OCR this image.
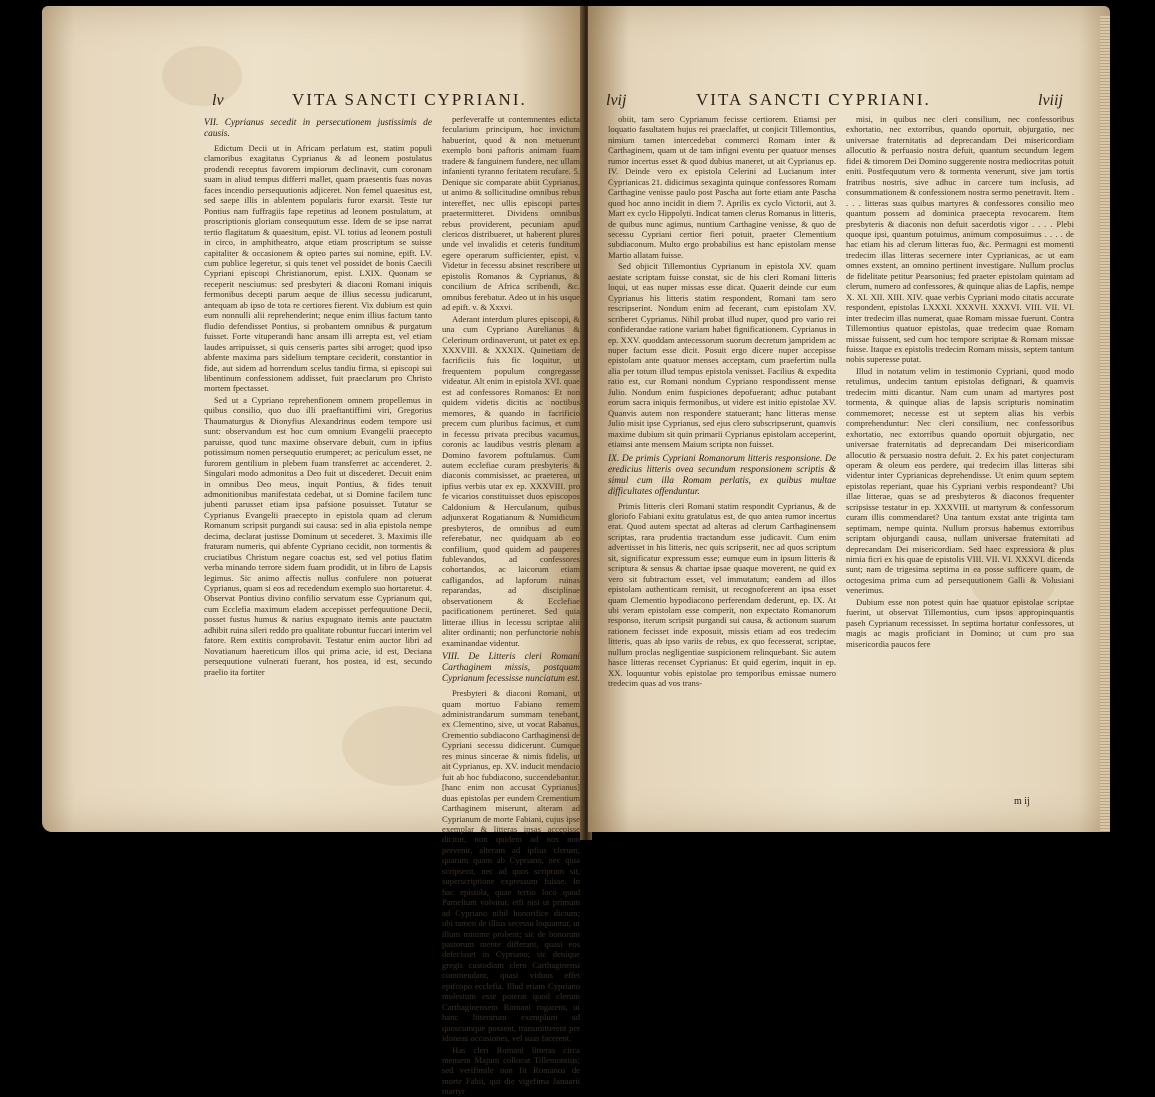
lv	VITA SANCTI CYPRIANI.

VII. Cyprianus secedit in persecutionem justissimis de causis.

Edictum Decii ut in Africam perlatum est, statim populi clamoribus exagitatus Cyprianus & ad leonem postulatus prodendi receptus favorem impiorum declinavit, cum coronam suam in aliud tempus differri mallet, quam praesentis fuas novas faces incendio persequutionis adjiceret. Non femel quaesitus est, sed saepe illis in ablentem popularis furor exarsit. Teste tur Pontius nam fuffragiis fape repetitus ad leonem postulatum, at proscriptionis gloriam consequutum esse. Idem de se ipse narrat tertio flagitatum & quaesitum, epist. VI. totius ad leonem postuli in circo, in amphitheatro, atque etiam proscriptum se suisse capitaliter & occasionem & opteo partes sui nomine, epift. LV. cum publice legeretur, si quis tenet vel possidet de bonis Caecili Cypriani episcopi Christianorum, epist. LXIX. Quonam se receperit nesciumus: sed presbyteri & diaconi Romani iniquis fermonibus decepti parum aeque de illius secessu judicarunt, antequam ab ipso de tota re certiores fierent. Vix dubium est quin eum nonnulli alii reprehenderint; neque enim illius factum tanto fludio defendisset Pontius, si probantem omnibus & purgatum fuisset. Forte vituperandi hanc ansam illi arrepta est, vel etiam laudes arripuisset, si quis censeris partes sibi arroget; quod ipso abfente maxima pars sidelium temptare ceciderit, constantior in fide, aut sidem ad horrendum scelus tandiu firma, si episcopi sui libentinum confessionem addisset, fuit praeclarum pro Christo mortem fpectasset.

Sed ut a Cypriano reprehenfionem omnem propellemus in quibus consilio, quo duo illi praeftantiffimi viri, Gregorius Thaumaturgus & Dionyfius Alexandrinus eodem tempore usi sunt: observandum est hoc cum omnium Evangelii praecepto paruisse, quod tunc maxime observare debuit, cum in ipfius potissimum nomen persequutio erumperet; ac periculum esset, ne furorem gentilium in plebem fuam transferret ac accenderet. 2. Singulari modo admonitus a Deo fuit ut discederet. Decuit enim in omnibus Deo meus, inquit Pontius, & fides tenuit admonitionibus manifestata cedebat, ut si Domine facilem tunc jubenti parusset etiam ipsa pafsione posuisset. Tutatur se Cyprianus Evangelii praecepto in epistola quam ad clerum Romanum scripsit purgandi sui causa: sed in alia epistola nempe decima, declarat justisse Dominum ut secederet. 3. Maximis ille fraturam numeris, qui abfente Cypriano cecidit, non tormentis & cruciatibus Christum negare coactus est, sed vel potius flatim verba minando terrore sidem fuam prodidit, ut in libro de Lapsis legimus. Sic animo affectis nullus confulere non potuerat Cyprianus, quam si eos ad recedendum exemplo suo hortaretur. 4. Observat Pontius divino confilio servatum esse Cyprianum qui, cum Ecclefia maximum eladem accepisset perfequutione Decii, posset fustus humus & narius expugnato itemis ante pauctatm adhibit ruina sileri reddo pro qualitate robuntur fuccari interim vel fatore. Rem extitis comprobavit. Testatur enim auctor libri ad Novatianum haereticum illos qui prima acie, id est, Deciana persequutione vulnerati fuerant, hos postea, id est, secundo praelio ita fortiter

perfeveraffe ut contemnentes edicta fecularium principum, hoc invictum habuerint, quod & non metuerunt exemplo boni paftoris animam fuam tradere & fanguinem fundere, nec ullam infanienti tyranno feritatem recufare. 5. Denique sic comparate abiit Cyprianus, ut animo & sollicitudine omnibus rebus intereffet, nec ullis episcopi partes praetermitteret. Dividens omnibus rebus providerent, pecuniam apud clericos distribueret, ut haberent plures unde vel invalidis et ceteris funditum egere operarum sufficienter, epist. v. Videtur in fecessu absinet rescribere ut epistolis Romanos & Cyprianus, & concilium de Africa scribendi, &c. omnibus ferebatur. Adeo ut in his usque ad epift. v. & Xxxvi.

Aderant interdum plures episcopi, & una cum Cypriano Aurelianus & Celerinum ordinaverunt, ut patet ex ep. XXXVIII. & XXXIX. Quinetiam de facrificiis fuis fic loquitur, ut frequentem populum congregasse videatur. Alt enim in epistola XVI. quae est ad confessores Romanos: Et non quidem videtis dicitis ac noctibus memores, & quando in facrificio precem cum pluribus facimus, et cum in fecessu privata precibus vacamus, coronis ac laudibus vestris plenam a Domino favorem poftulamus. Cum autem ecclefiae curam presbyteris & diaconis commisisset, ac praeterea, ut ipfius verbis utar ex ep. XXXVIII. pro fe vicarios constituisset duos episcopos Caldonium & Herculanum, quibus adjunxerat Rogatianum & Numidicum presbyteros, de omnibus ad eum referebatur, nec quidquam ab eo confilium, quod quidem ad pauperes fublevandos, ad confessores cohortandos, ac laicorum etiam cafligandos, ad lapforum ruinas reparandas, ad disciplinae observationem & Ecclefiae pacificationem pertineret. Sed quia litterae illius in lecessu scriptae alii aliter ordinanti; non perfunctorie nobis examinandae videntur.

VIII. De Litteris cleri Romani Carthaginem missis, postquam Cyprianum fecessisse nunciatum est.

Presbyteri & diaconi Romani, ut quam mortuo Fabiano remem administrandarum summam tenebant, ex Clementino, sive, ut vocat Rabanus, Crementio subdiacono Carthaginensi de Cypriani secessu didicerunt. Cumque res minus sincerae & nimis fidelis, ut ait Cyprianus, ep. XV. inducit mendacio fuit ab hoc fubdiacono, succendebantur. [hanc enim non accusat Cyprianus] duas epistolas per eundem Crementium Carthaginem miserunt, alteram ad Cyprianum de morte Fabiani, cujus ipse exemplar & litteras ipsas accepisse dicitur, non quidem ad nos non pervenit, alteram ad ipfius clerum; quarum quam ab Cypriano, nec quia scripserit, nec ad quos scriptum sit, superscriptione expressum fuisse. In hac epistola, quae tertio loco quod Pamelium volvitur, etfi nisi ut primum ad Cypriano nihil honorifice dictum; ubi tamen de illius secessu loquuntur, ut illum minime probent; sic de bonorum pastorum mente differant, quasi eos defecisset in Cypriano; sic denique gregis custodiam clero Carthaginensi commendant, quasi viduus effet epifcopo ecclefia. Illud etiam Cypriano molestum esse poterat quod clerum Carthaginensem Romani rogarent, ut hanc litterarum exemplum ad quoscumque possent, transmitterent per idoneas occasiones, vel suas facerent.

Has cleri Romani litteras circa mensem Majum collocat Tillemontius; sed verifimile non fit Romanos de morte Fabii, qui die vigefima Januarii martyr

lvij	VITA SANCTI CYPRIANI.	lviij

obiit, tam sero Cyprianum fecisse certiorem. Etiamsi per loquatio fasultatem hujus rei praeclaffet, ut conjicit Tillemontius, nimium tamen intercedebat commerci Romam inter & Carthaginem, quam ut de tam infigni eventu per quatuor menses rumor incertus esset & quod dubius maneret, ut ait Cyprianus ep. IV. Deinde vero ex epistola Celerini ad Lucianum inter Cyprianicas 21. didicimus sexaginta quinque confessores Romam Carthagine venisse paulo post Pascha aut forte etiam ante Pascha quod hoc anno incidit in diem 7. Aprilis ex cyclo Victorii, aut 3. Mart ex cyclo Hippolyti. Indicat tamen clerus Romanus in litteris, de quibus nunc agimus, nuntium Carthagine venisse, & quo de secessu Cypriani certior fieri potuit, praeter Clementium subdiaconum. Multo ergo probabilius est hanc epistolam mense Martio allatam fuisse.

Sed objicit Tillemontius Cyprianum in epistola XV. quam aestate scriptam fuisse constat, sic de his cleri Romani litteris loqui, ut eas nuper missas esse dicat. Quaerit deinde cur eum Cyprianus his litteris statim respondent, Romani tam sero rescripserint. Nondum enim ad fecerant, cum epistolam XV. scriberet Cyprianus. Nihil probat illud nuper, quod pro vario rei confiderandae ratione variam habet fignificationem. Cyprianus in ep. XXV. quoddam antecessorum suorum decretum jampridem ac nuper factum esse dicit. Posuit ergo dicere nuper accepisse epistolam ante quatuor menses acceptam, cum praefertim nulla alia per totum illud tempus epistola venisset. Facilius & expedita ratio est, cur Romani nondum Cypriano respondissent mense Julio. Nondum enim fuspiciones depofuerant; adhuc putabant eorum sacra iniquis fermonibus, ut videre est initio epistolae XV. Quanvis autem non respondere statuerant; hanc litteras mense Julio misit ipse Cyprianus, sed ejus clero subscripserunt, quamvis maxime dubium sit quin primarii Cyprianus epistolam acceperint, etiamsi ante mensem Maium scripta non fuisset.

IX. De primis Cypriani Romanorum litteris responsione. De eredicius litteris ovea secundum responsionem scriptis & simul cum illa Romam perlatis, ex quibus multae difficultates offenduntur.

Primis litteris cleri Romani statim respondit Cyprianus, & de gloriofo Fabiani exitu gratulatus est, de quo antea rumor incertus erat. Quod autem spectat ad alteras ad clerum Carthaginensem scriptas, rara prudentia tractandum esse judicavit. Cum enim advertisset in his litteris, nec quis scripserit, nec ad quos scriptum sit, significatur expressum esse; eumque eum in ipsum litteris & scriptura & sensus & chartae ipsae quaque moverent, ne quid ex vero sit fubtractum esset, vel immutatum; eandem ad illos epistolam authenticam remisit, ut recognofcerent an ipsa esset quam Clementio hypodiacono perferendam dederunt, ep. IX. At ubi veram epistolam esse comperit, non expectato Romanorum responso, iterum scripsit purgandi sui causa, & actionum suarum rationem fecisset inde exposuit, missis etiam ad eos tredecim litteris, quas ab ipso variis de rebus, ex quo fecesserat, scriptae, nullum proclas negligentiae suspicionem relinquebant. Sic autem hasce litteras recenset Cyprianus: Et quid egerim, inquit in ep. XX. loquuntur vobis epistolae pro temporibus emissae numero tredecim quas ad vos trans-

misi, in quibus nec cleri consilium, nec confessoribus exhortatio, nec extorribus, quando oportuit, objurgatio, nec universae fraternitatis ad deprecandam Dei misericordiam allocutio & perfuasio nostra defuit, quantum secundum legem fidei & timorem Dei Domino suggerente nostra mediocritas potuit eniti. Postfequutum vero & tormenta venerunt, sive jam tortis fratribus nostris, sive adhuc in carcere tum inclusis, ad consummationem & confessionem nostra sermo penetravit. Item . . . . litteras suas quibus martyres & confessores consilio meo quantum possem ad dominica praecepta revocarem. Item presbyteris & diaconis non defuit sacerdotis vigor . . . . Plebi quoque ipsi, quantum potuimus, animum composuimus . . . . de hac etiam his ad clerum litteras fuo, &c. Permagni est momenti tredecim illas litteras secernere inter Cyprianicas, ac ut eam omnes exstent, an omnino pertinent investigare. Nullum proclus de fidelitate petitur Pearsonius; fed praeter epistolam quintam ad clerum, numero ad confessores, & quinque alias de Lapfis, nempe X. XI. XII. XIII. XIV. quae verbis Cypriani modo citatis accurate respondent, epistolas LXXXI. XXXVII. XXXVI. VIII. VII. VI. inter tredecim illas numerat, quae Romam missae fuerunt. Contra Tillemontius quatuor epistolas, quae tredecim quae Romam missae fuissent, sed cum hoc tempore scriptae & Romam missae fuisse. Itaque ex epistolis tredecim Romam missis, septem tantum nobis superesse putat.

Illud in notatum velim in testimonio Cypriani, quod modo retulimus, undecim tantum epistolas defignari, & quamvis tredecim mitti dicantur. Nam cum unam ad martyres post tormenta, & quinque alias de lapsis scripturis nominatim commemoret; necesse est ut septem alias his verbis comprehenduntur: Nec cleri consilium, nec confessoribus exhortatio, nec extorribus quando oportuit objurgatio, nec universae fraternitatis ad deprecandam Dei misericordiam allocutio & persuasio nostra defuit. 2. Ex his patet conjecturam operam & oleum eos perdere, qui tredecim illas litteras sibi videntur inter Cyprianicas deprehendisse. Ut enim quum septem epistolas reperiant, quae his Cypriani verbis respondeant? Ubi illae litterae, quas se ad presbyteros & diaconos frequenter scripsisse testatur in ep. XXXVIII. ut martyrum & confessorum curam illis commendaret? Una tantum exstat ante triginta tam septimam, nempe quinta. Nullum prorsus habemus extorribus scriptam objurgandi causa, nullam universae fraternitati ad deprecandam Dei misericordiam. Sed haec expressiora & plus nimia ficri ex his quae de epistolis VIII. VII. VI. XXXVI. dicenda sunt; nam de trigesima septima in ea posse sufficere quam, de octogesima prima cum ad persequutionem Galli & Volusiani venerimus.

Dubium esse non potest quin hae quatuor epistolae scriptae fuerint, ut observat Tillemontius, cum ipsos appropinquantis paseh Cyprianum recessisset. In septima hortatur confessores, ut magis ac magis proficiant in Domino; ut cum pro sua misericordia paucos fere

m ij
